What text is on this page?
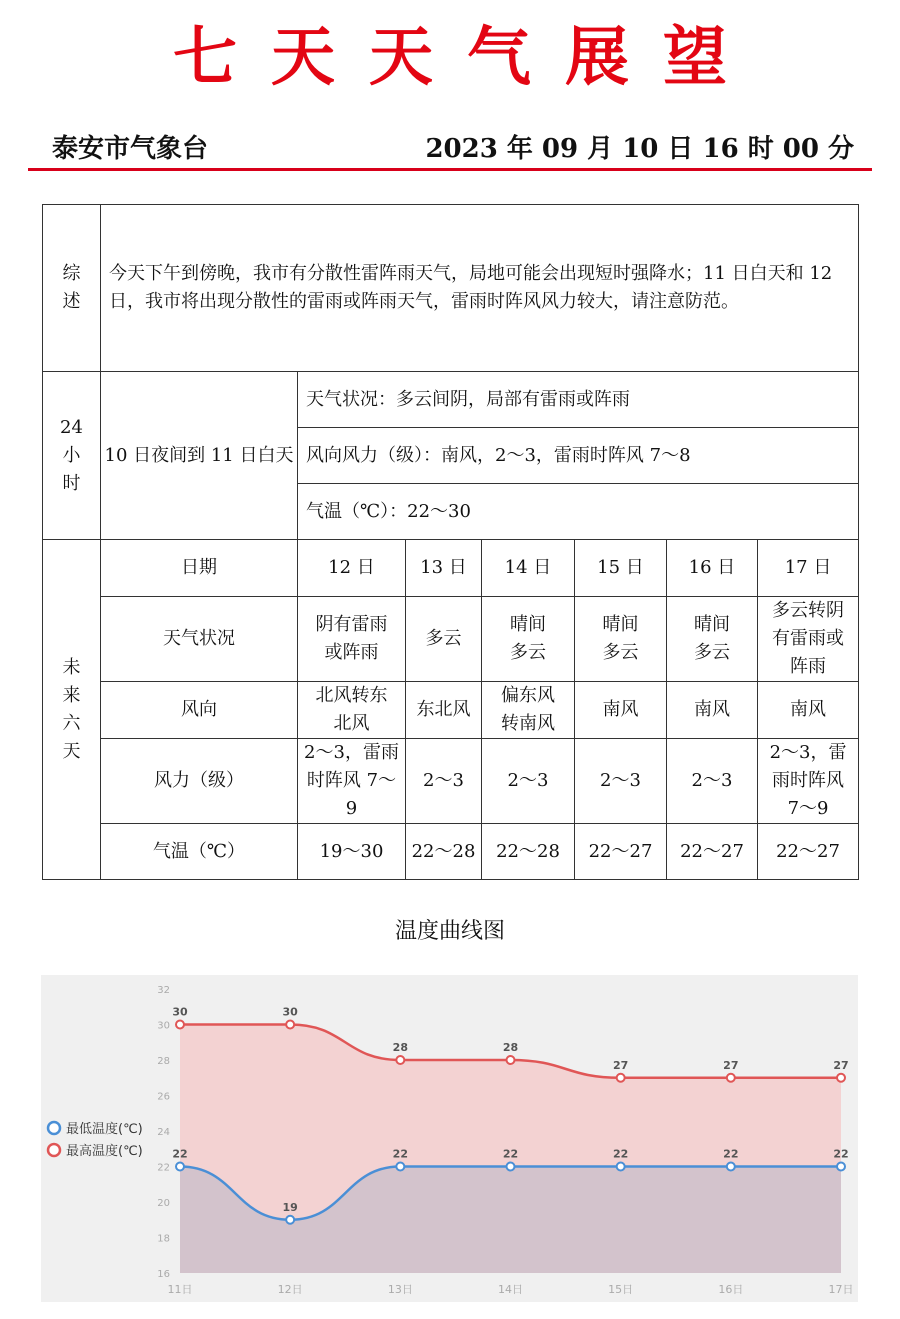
七天天气展望
泰安市气象台	2023 年 09 月 10 日 16 时 00 分
综
述	今天下午到傍晚，我市有分散性雷阵雨天气，局地可能会出现短时强降水；11 日白天和 12 日，我市将出现分散性的雷雨或阵雨天气，雷雨时阵风风力较大，请注意防范。						

24
小
时	10 日夜间到 11 日白天	天气状况：多云间阴，局部有雷雨或阵雨					
		风向风力（级）：南风，2～3，雷雨时阵风 7～8					
		气温（℃）：22～30					

未
来
六
天	日期	12 日	13 日	14 日	15 日	16 日	17 日
	天气状况	阴有雷雨或阵雨	多云	晴间多云	晴间多云	晴间多云	多云转阴有雷雨或阵雨
	风向	北风转东北风	东北风	偏东风转南风	南风	南风	南风
	风力（级）	2～3，雷雨时阵风 7～9	2～3	2～3	2～3	2～3	2～3，雷雨时阵风 7～9
	气温（℃）	19～30	22～28	22～28	22～27	22～27	22～27
温度曲线图
16
18
20
22
24
26
28
30
32
30	30
28	28
27	27	27
22
19
22	22	22	22	22
11日	12日	13日	14日	15日	16日	17日
最低温度(℃)
最高温度(℃)
